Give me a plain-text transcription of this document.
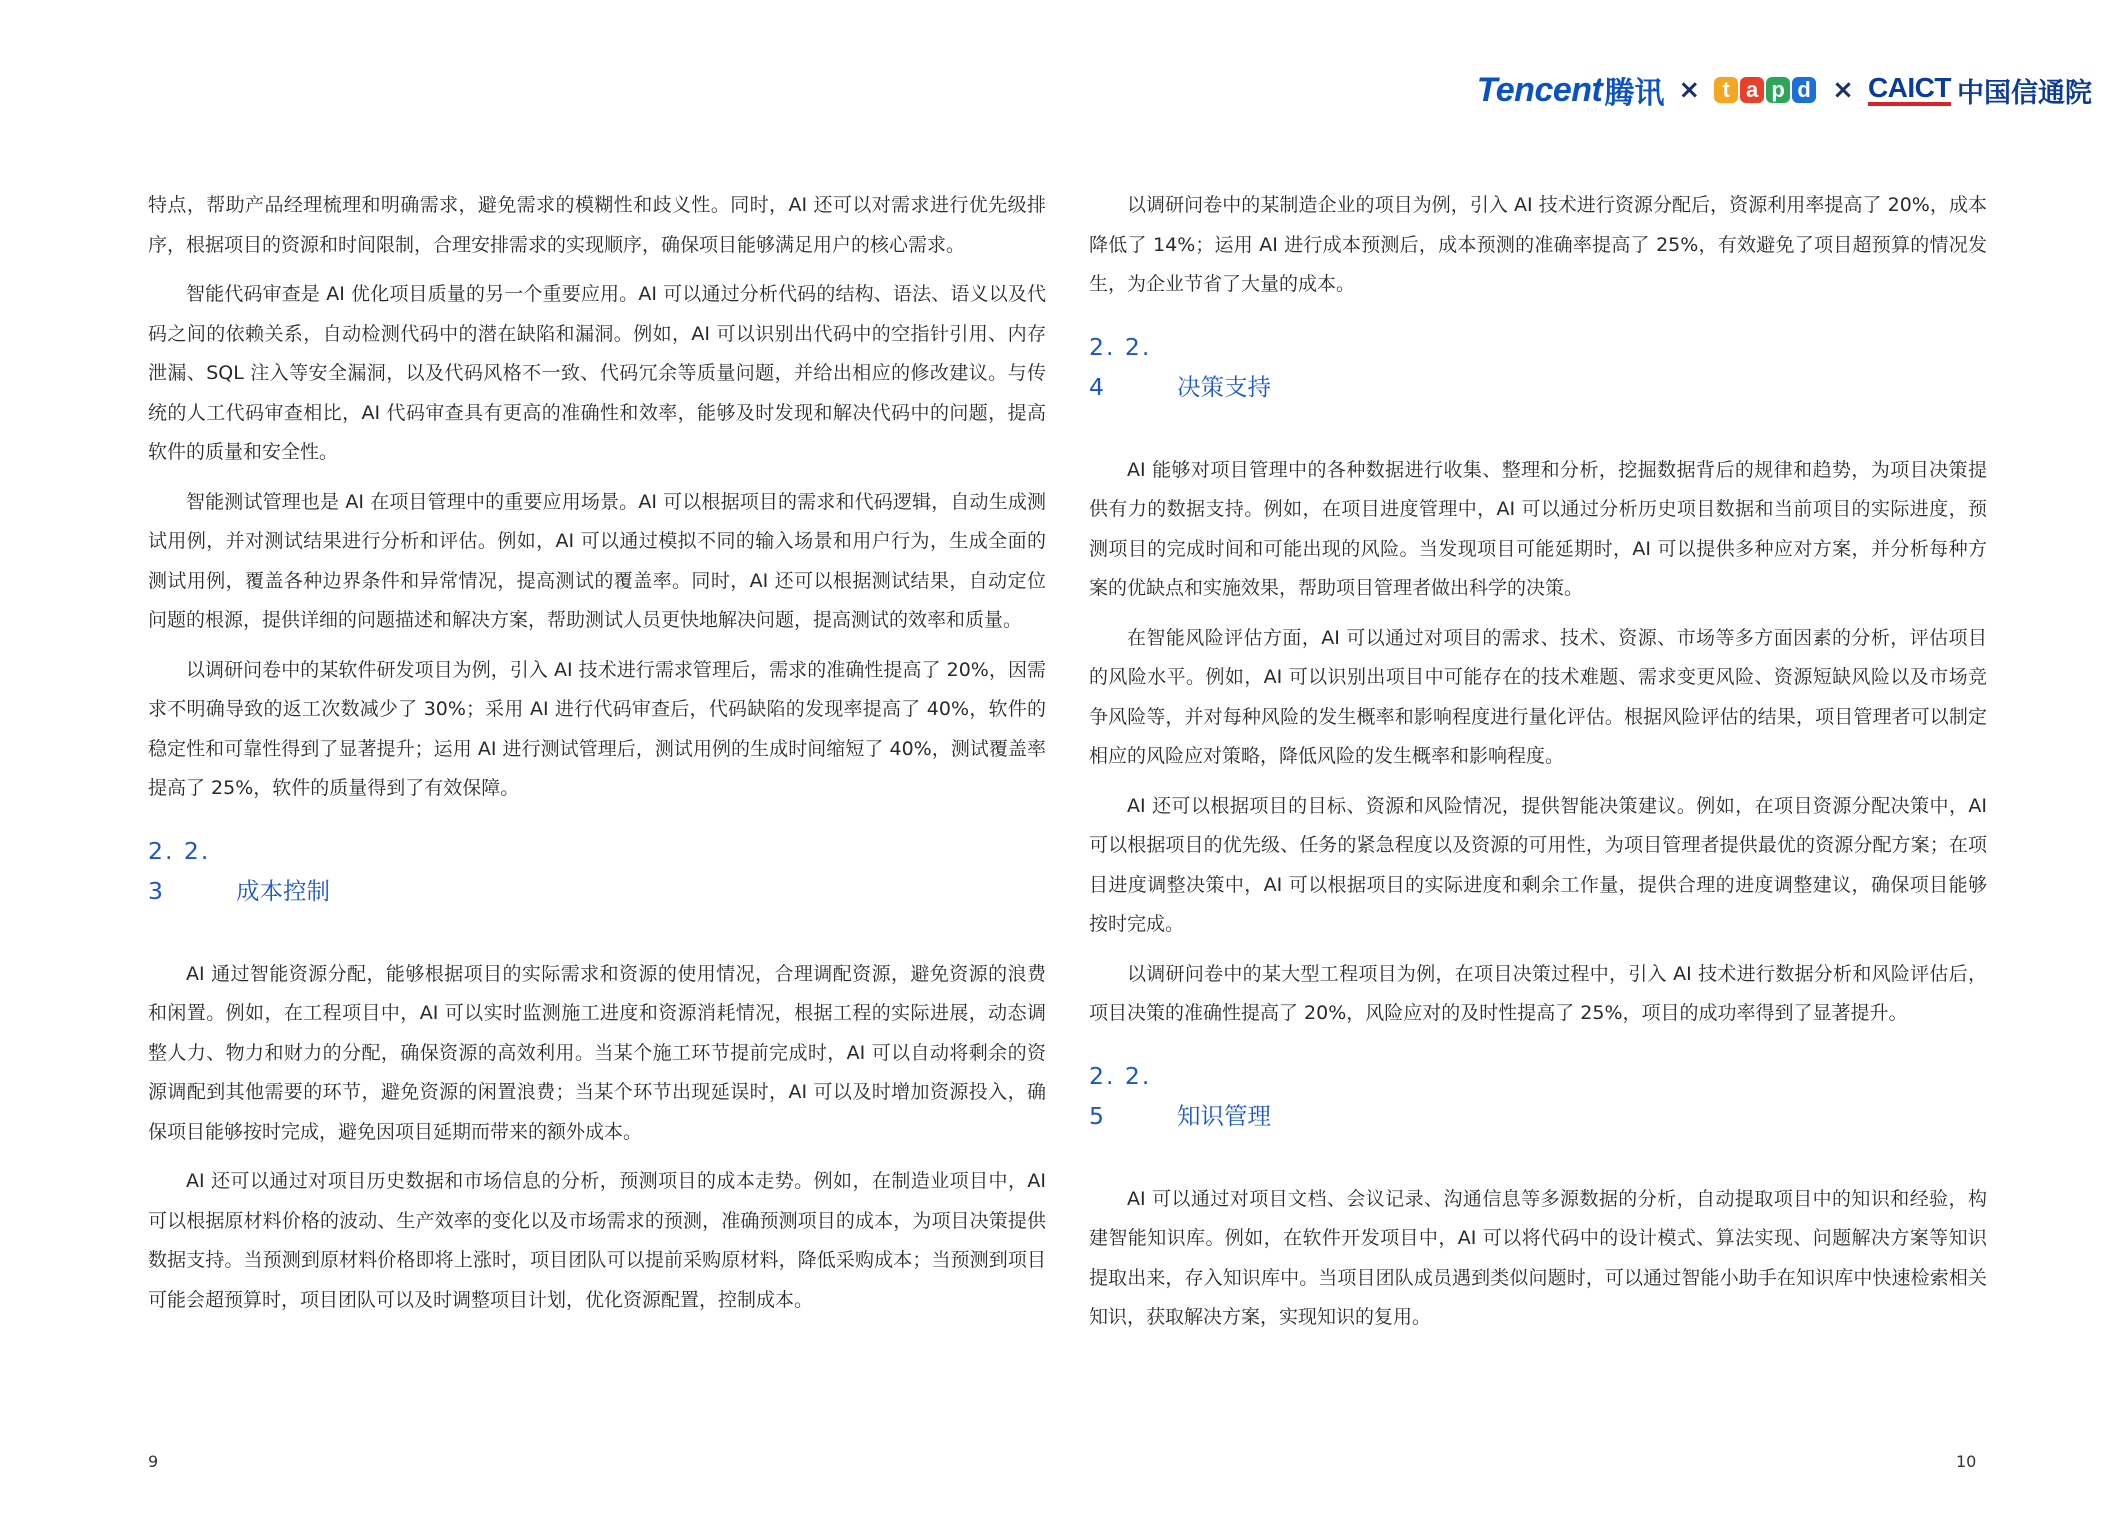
Tencent 腾讯 ×	t a p d × CAICT 中国信通院

特点，帮助产品经理梳理和明确需求，避免需求的模糊性和歧义性。同时，AI 还可以对需求进行优先级排序，根据项目的资源和时间限制，合理安排需求的实现顺序，确保项目能够满足用户的核心需求。

智能代码审查是 AI 优化项目质量的另一个重要应用。AI 可以通过分析代码的结构、语法、语义以及代码之间的依赖关系，自动检测代码中的潜在缺陷和漏洞。例如，AI 可以识别出代码中的空指针引用、内存泄漏、SQL 注入等安全漏洞，以及代码风格不一致、代码冗余等质量问题，并给出相应的修改建议。与传统的人工代码审查相比，AI 代码审查具有更高的准确性和效率，能够及时发现和解决代码中的问题，提高软件的质量和安全性。

智能测试管理也是 AI 在项目管理中的重要应用场景。AI 可以根据项目的需求和代码逻辑，自动生成测试用例，并对测试结果进行分析和评估。例如，AI 可以通过模拟不同的输入场景和用户行为，生成全面的测试用例，覆盖各种边界条件和异常情况，提高测试的覆盖率。同时，AI 还可以根据测试结果，自动定位问题的根源，提供详细的问题描述和解决方案，帮助测试人员更快地解决问题，提高测试的效率和质量。

以调研问卷中的某软件研发项目为例，引入 AI 技术进行需求管理后，需求的准确性提高了 20%，因需求不明确导致的返工次数减少了 30%；采用 AI 进行代码审查后，代码缺陷的发现率提高了 40%，软件的稳定性和可靠性得到了显著提升；运用 AI 进行测试管理后，测试用例的生成时间缩短了 40%，测试覆盖率提高了 25%，软件的质量得到了有效保障。

2. 2. 3	成本控制

AI 通过智能资源分配，能够根据项目的实际需求和资源的使用情况，合理调配资源，避免资源的浪费和闲置。例如，在工程项目中，AI 可以实时监测施工进度和资源消耗情况，根据工程的实际进展，动态调整人力、物力和财力的分配，确保资源的高效利用。当某个施工环节提前完成时，AI 可以自动将剩余的资源调配到其他需要的环节，避免资源的闲置浪费；当某个环节出现延误时，AI 可以及时增加资源投入，确保项目能够按时完成，避免因项目延期而带来的额外成本。

AI 还可以通过对项目历史数据和市场信息的分析，预测项目的成本走势。例如，在制造业项目中，AI 可以根据原材料价格的波动、生产效率的变化以及市场需求的预测，准确预测项目的成本，为项目决策提供数据支持。当预测到原材料价格即将上涨时，项目团队可以提前采购原材料，降低采购成本；当预测到项目可能会超预算时，项目团队可以及时调整项目计划，优化资源配置，控制成本。

以调研问卷中的某制造企业的项目为例，引入 AI 技术进行资源分配后，资源利用率提高了 20%，成本降低了 14%；运用 AI 进行成本预测后，成本预测的准确率提高了 25%，有效避免了项目超预算的情况发生，为企业节省了大量的成本。

2. 2. 4	决策支持

AI 能够对项目管理中的各种数据进行收集、整理和分析，挖掘数据背后的规律和趋势，为项目决策提供有力的数据支持。例如，在项目进度管理中，AI 可以通过分析历史项目数据和当前项目的实际进度，预测项目的完成时间和可能出现的风险。当发现项目可能延期时，AI 可以提供多种应对方案，并分析每种方案的优缺点和实施效果，帮助项目管理者做出科学的决策。

在智能风险评估方面，AI 可以通过对项目的需求、技术、资源、市场等多方面因素的分析，评估项目的风险水平。例如，AI 可以识别出项目中可能存在的技术难题、需求变更风险、资源短缺风险以及市场竞争风险等，并对每种风险的发生概率和影响程度进行量化评估。根据风险评估的结果，项目管理者可以制定相应的风险应对策略，降低风险的发生概率和影响程度。

AI 还可以根据项目的目标、资源和风险情况，提供智能决策建议。例如，在项目资源分配决策中，AI 可以根据项目的优先级、任务的紧急程度以及资源的可用性，为项目管理者提供最优的资源分配方案；在项目进度调整决策中，AI 可以根据项目的实际进度和剩余工作量，提供合理的进度调整建议，确保项目能够按时完成。

以调研问卷中的某大型工程项目为例，在项目决策过程中，引入 AI 技术进行数据分析和风险评估后，项目决策的准确性提高了 20%，风险应对的及时性提高了 25%，项目的成功率得到了显著提升。

2. 2. 5	知识管理

AI 可以通过对项目文档、会议记录、沟通信息等多源数据的分析，自动提取项目中的知识和经验，构建智能知识库。例如，在软件开发项目中，AI 可以将代码中的设计模式、算法实现、问题解决方案等知识提取出来，存入知识库中。当项目团队成员遇到类似问题时，可以通过智能小助手在知识库中快速检索相关知识，获取解决方案，实现知识的复用。

9	10
